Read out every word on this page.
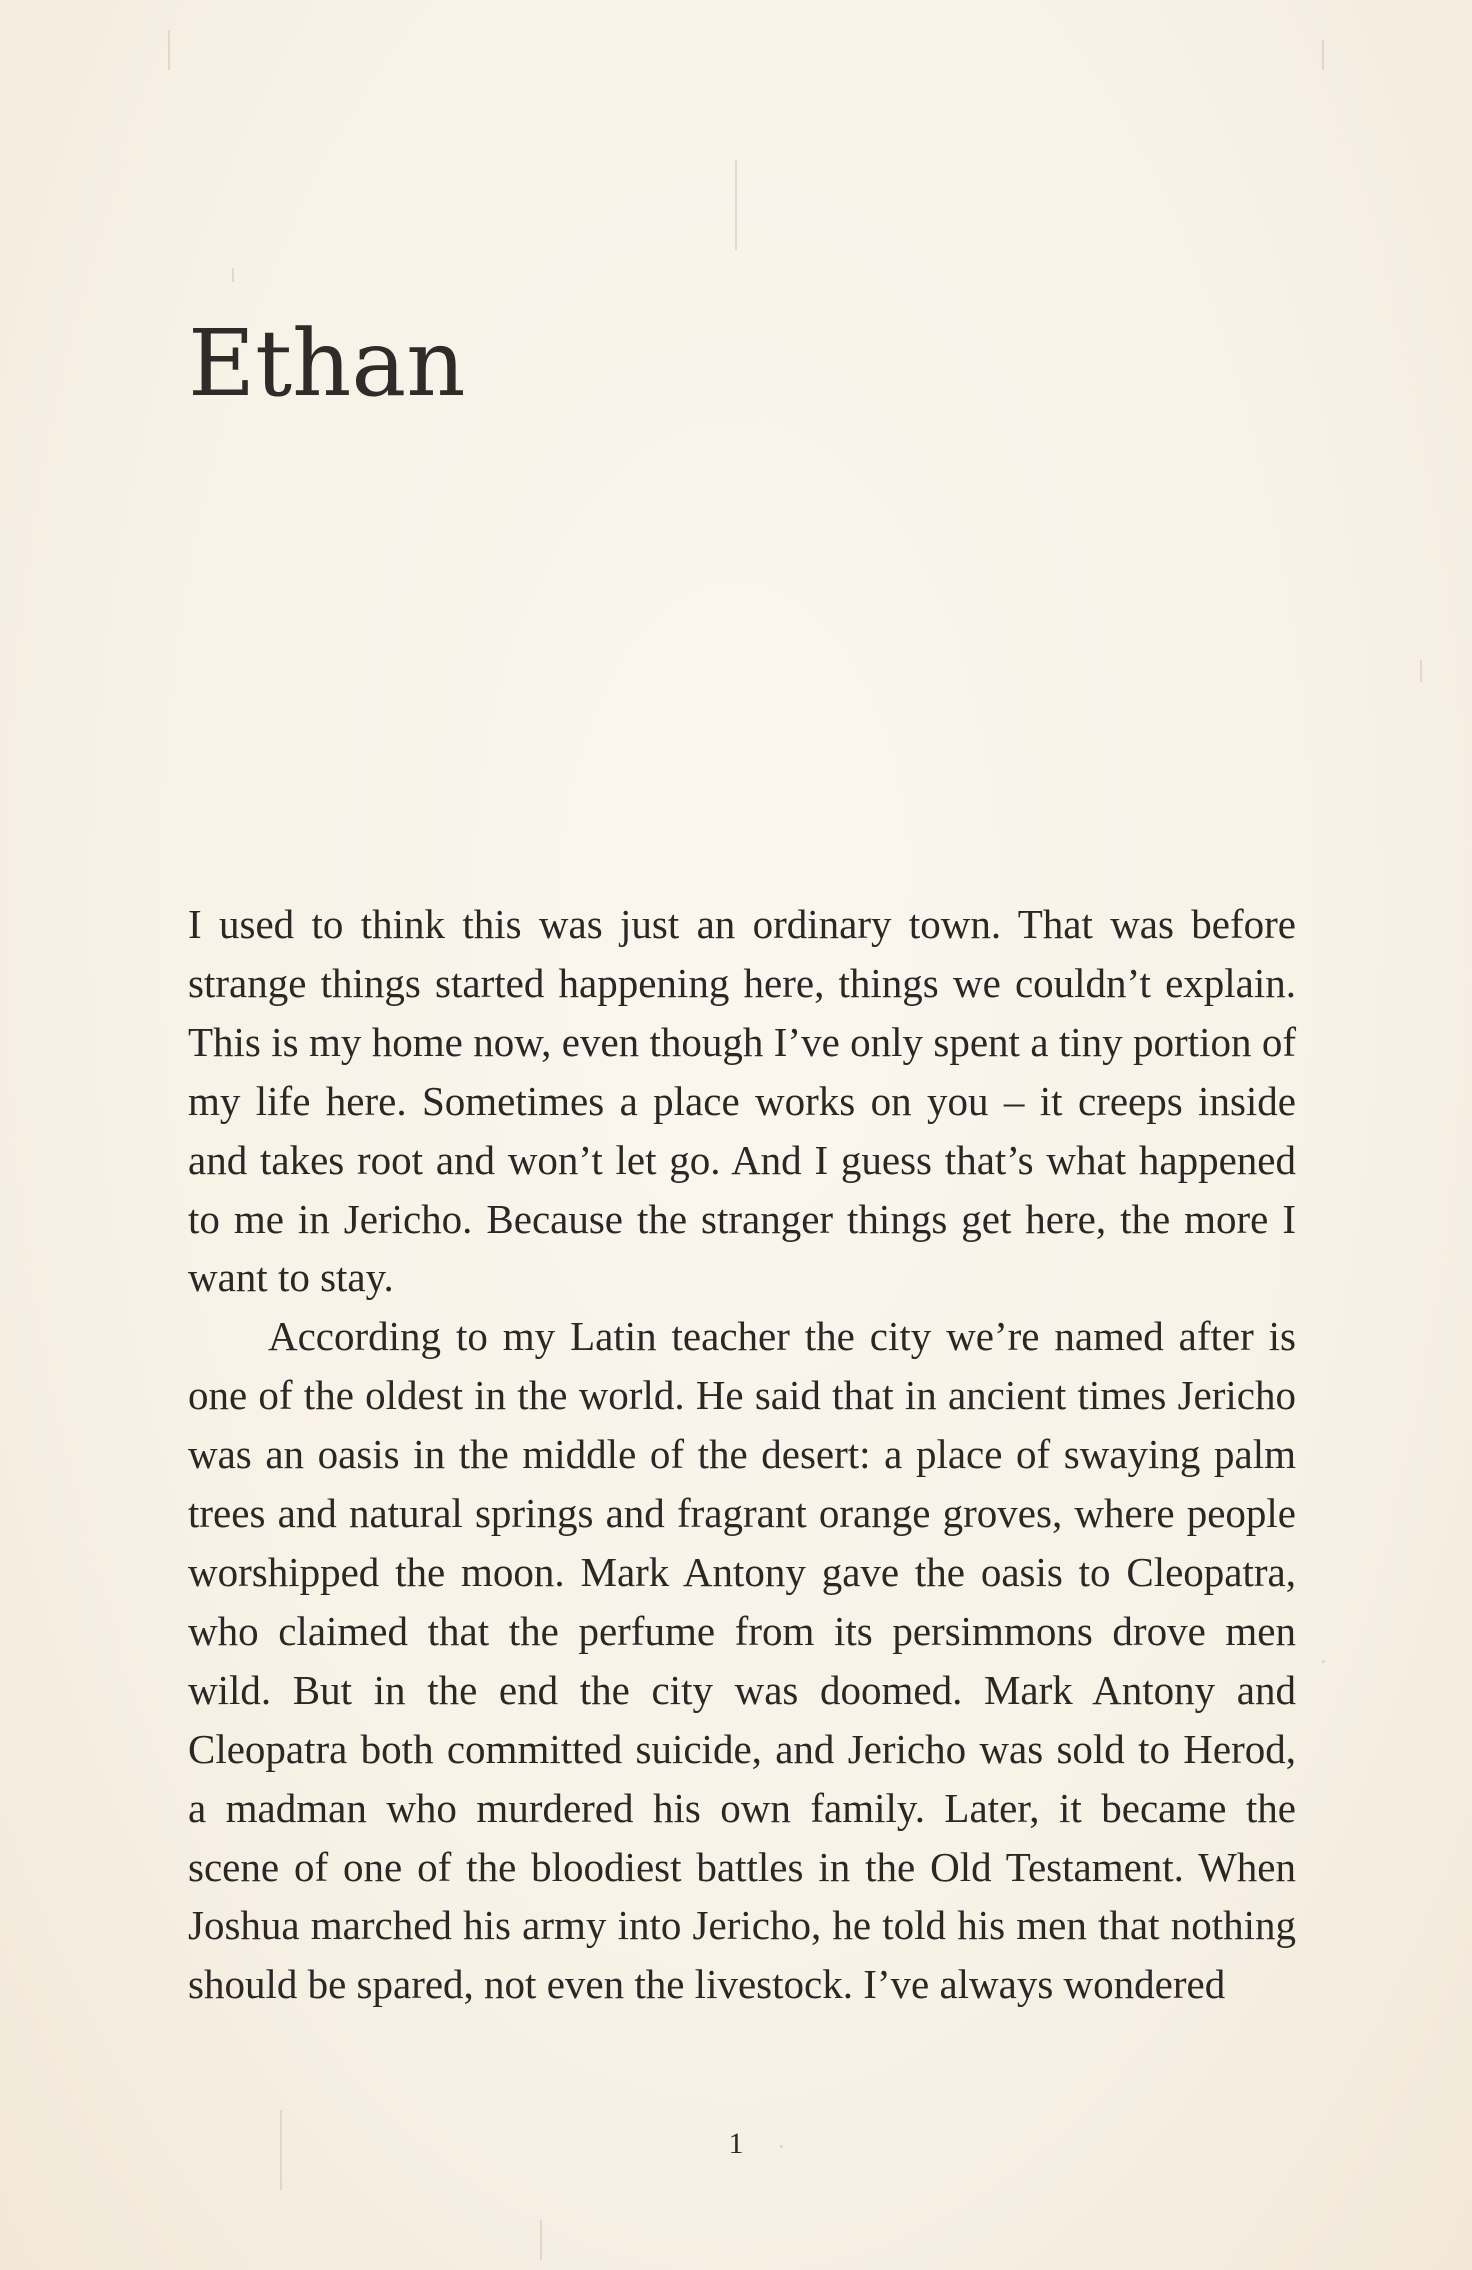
Ethan

I used to think this was just an ordinary town. That was before strange things started happening here, things we couldn’t explain. This is my home now, even though I’ve only spent a tiny portion of my life here. Sometimes a place works on you – it creeps inside and takes root and won’t let go. And I guess that’s what happened to me in Jericho. Because the stranger things get here, the more I want to stay.

According to my Latin teacher the city we’re named after is one of the oldest in the world. He said that in ancient times Jericho was an oasis in the middle of the desert: a place of swaying palm trees and natural springs and fragrant orange groves, where people worshipped the moon. Mark Antony gave the oasis to Cleopatra, who claimed that the perfume from its persimmons drove men wild. But in the end the city was doomed. Mark Antony and Cleopatra both committed suicide, and Jericho was sold to Herod, a madman who murdered his own family. Later, it became the scene of one of the bloodiest battles in the Old Testament. When Joshua marched his army into Jericho, he told his men that nothing should be spared, not even the livestock. I’ve always wondered

1
